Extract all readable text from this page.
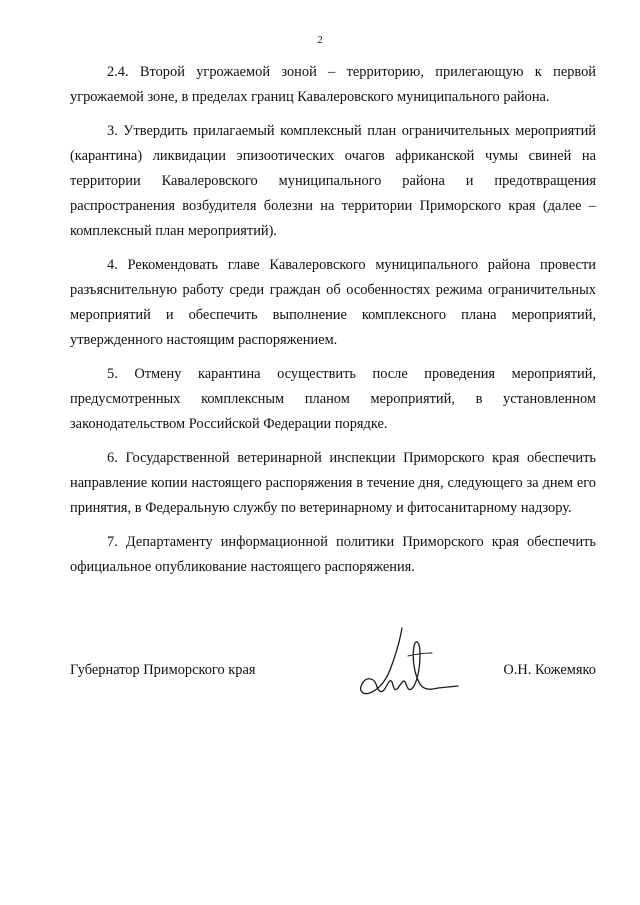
2

2.4. Второй угрожаемой зоной – территорию, прилегающую к первой угрожаемой зоне, в пределах границ Кавалеровского муниципального района.

3. Утвердить прилагаемый комплексный план ограничительных мероприятий (карантина) ликвидации эпизоотических очагов африканской чумы свиней на территории Кавалеровского муниципального района и предотвращения распространения возбудителя болезни на территории Приморского края (далее – комплексный план мероприятий).

4. Рекомендовать главе Кавалеровского муниципального района провести разъяснительную работу среди граждан об особенностях режима ограничительных мероприятий и обеспечить выполнение комплексного плана мероприятий, утвержденного настоящим распоряжением.

5. Отмену карантина осуществить после проведения мероприятий, предусмотренных комплексным планом мероприятий, в установленном законодательством Российской Федерации порядке.

6. Государственной ветеринарной инспекции Приморского края обеспечить направление копии настоящего распоряжения в течение дня, следующего за днем его принятия, в Федеральную службу по ветеринарному и фитосанитарному надзору.

7. Департаменту информационной политики Приморского края обеспечить официальное опубликование настоящего распоряжения.

Губернатор Приморского края	О.Н. Кожемяко
